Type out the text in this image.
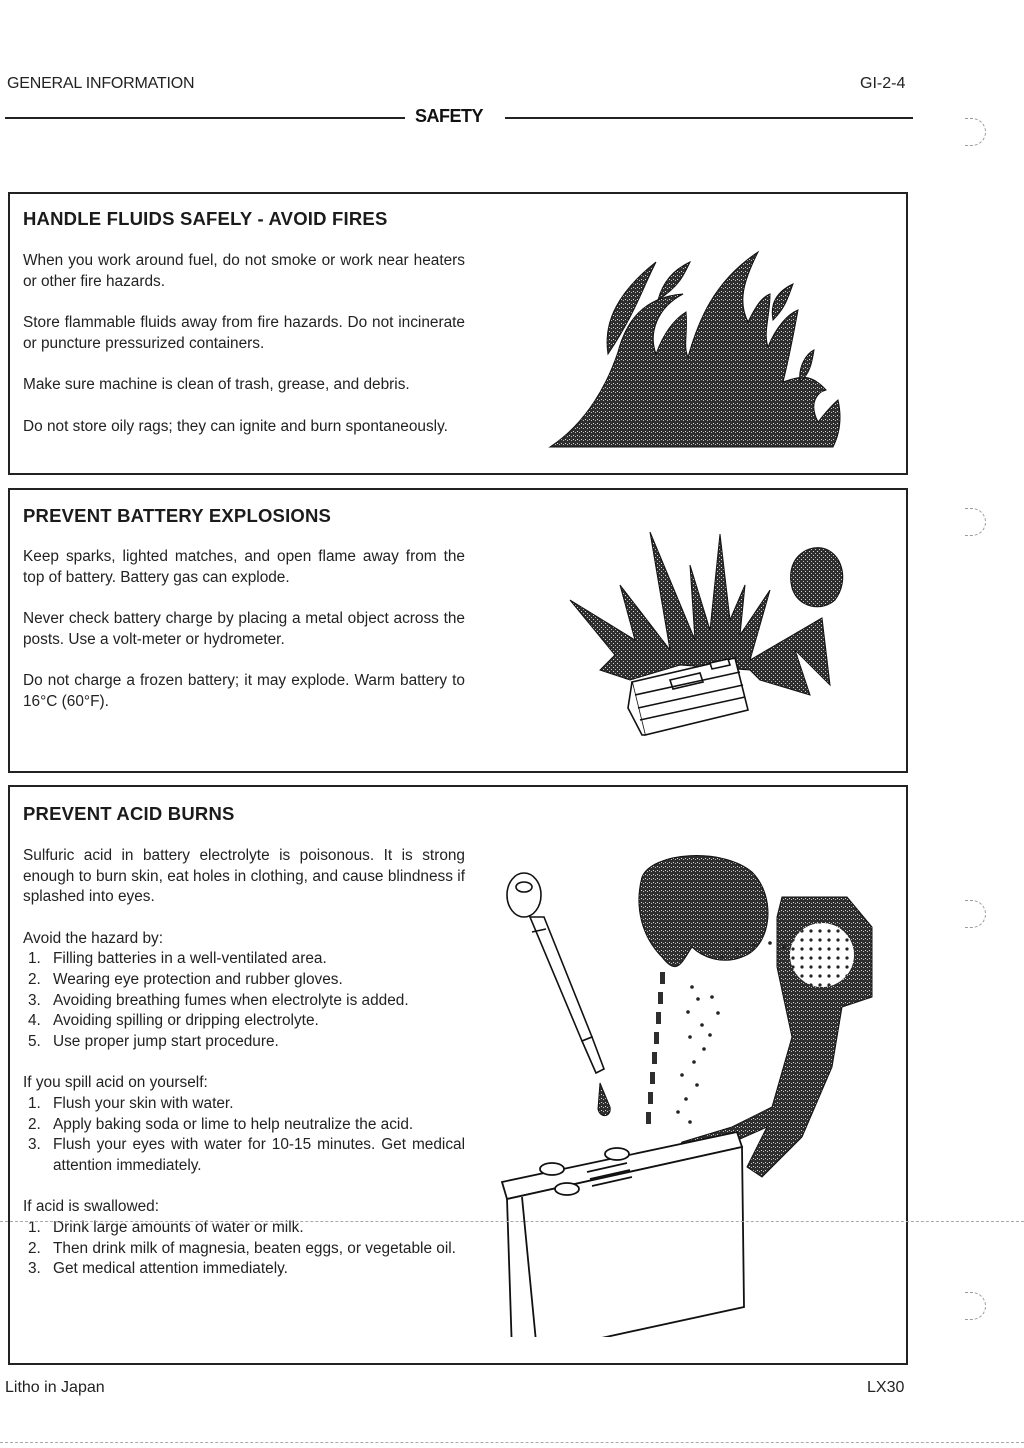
GENERAL INFORMATION	GI-2-4
SAFETY
HANDLE FLUIDS SAFELY - AVOID FIRES

When you work around fuel, do not smoke or work near heaters or other fire hazards.

Store flammable fluids away from fire hazards. Do not incinerate or puncture pressurized containers.

Make sure machine is clean of trash, grease, and debris.

Do not store oily rags; they can ignite and burn spontaneously.

PREVENT BATTERY EXPLOSIONS

Keep sparks, lighted matches, and open flame away from the top of battery. Battery gas can explode.

Never check battery charge by placing a metal object across the posts. Use a volt-meter or hydrometer.

Do not charge a frozen battery; it may explode. Warm battery to 16°C (60°F).

PREVENT ACID BURNS

Sulfuric acid in battery electrolyte is poisonous. It is strong enough to burn skin, eat holes in clothing, and cause blindness if splashed into eyes.

Avoid the hazard by:
1. Filling batteries in a well-ventilated area.
2. Wearing eye protection and rubber gloves.
3. Avoiding breathing fumes when electrolyte is added.
4. Avoiding spilling or dripping electrolyte.
5. Use proper jump start procedure.
If you spill acid on yourself:
1. Flush your skin with water.
2. Apply baking soda or lime to help neutralize the acid.
3. Flush your eyes with water for 10-15 minutes. Get medical attention immediately.
If acid is swallowed:
1. Drink large amounts of water or milk.
2. Then drink milk of magnesia, beaten eggs, or vegetable oil.
3. Get medical attention immediately.
Litho in Japan	LX30
